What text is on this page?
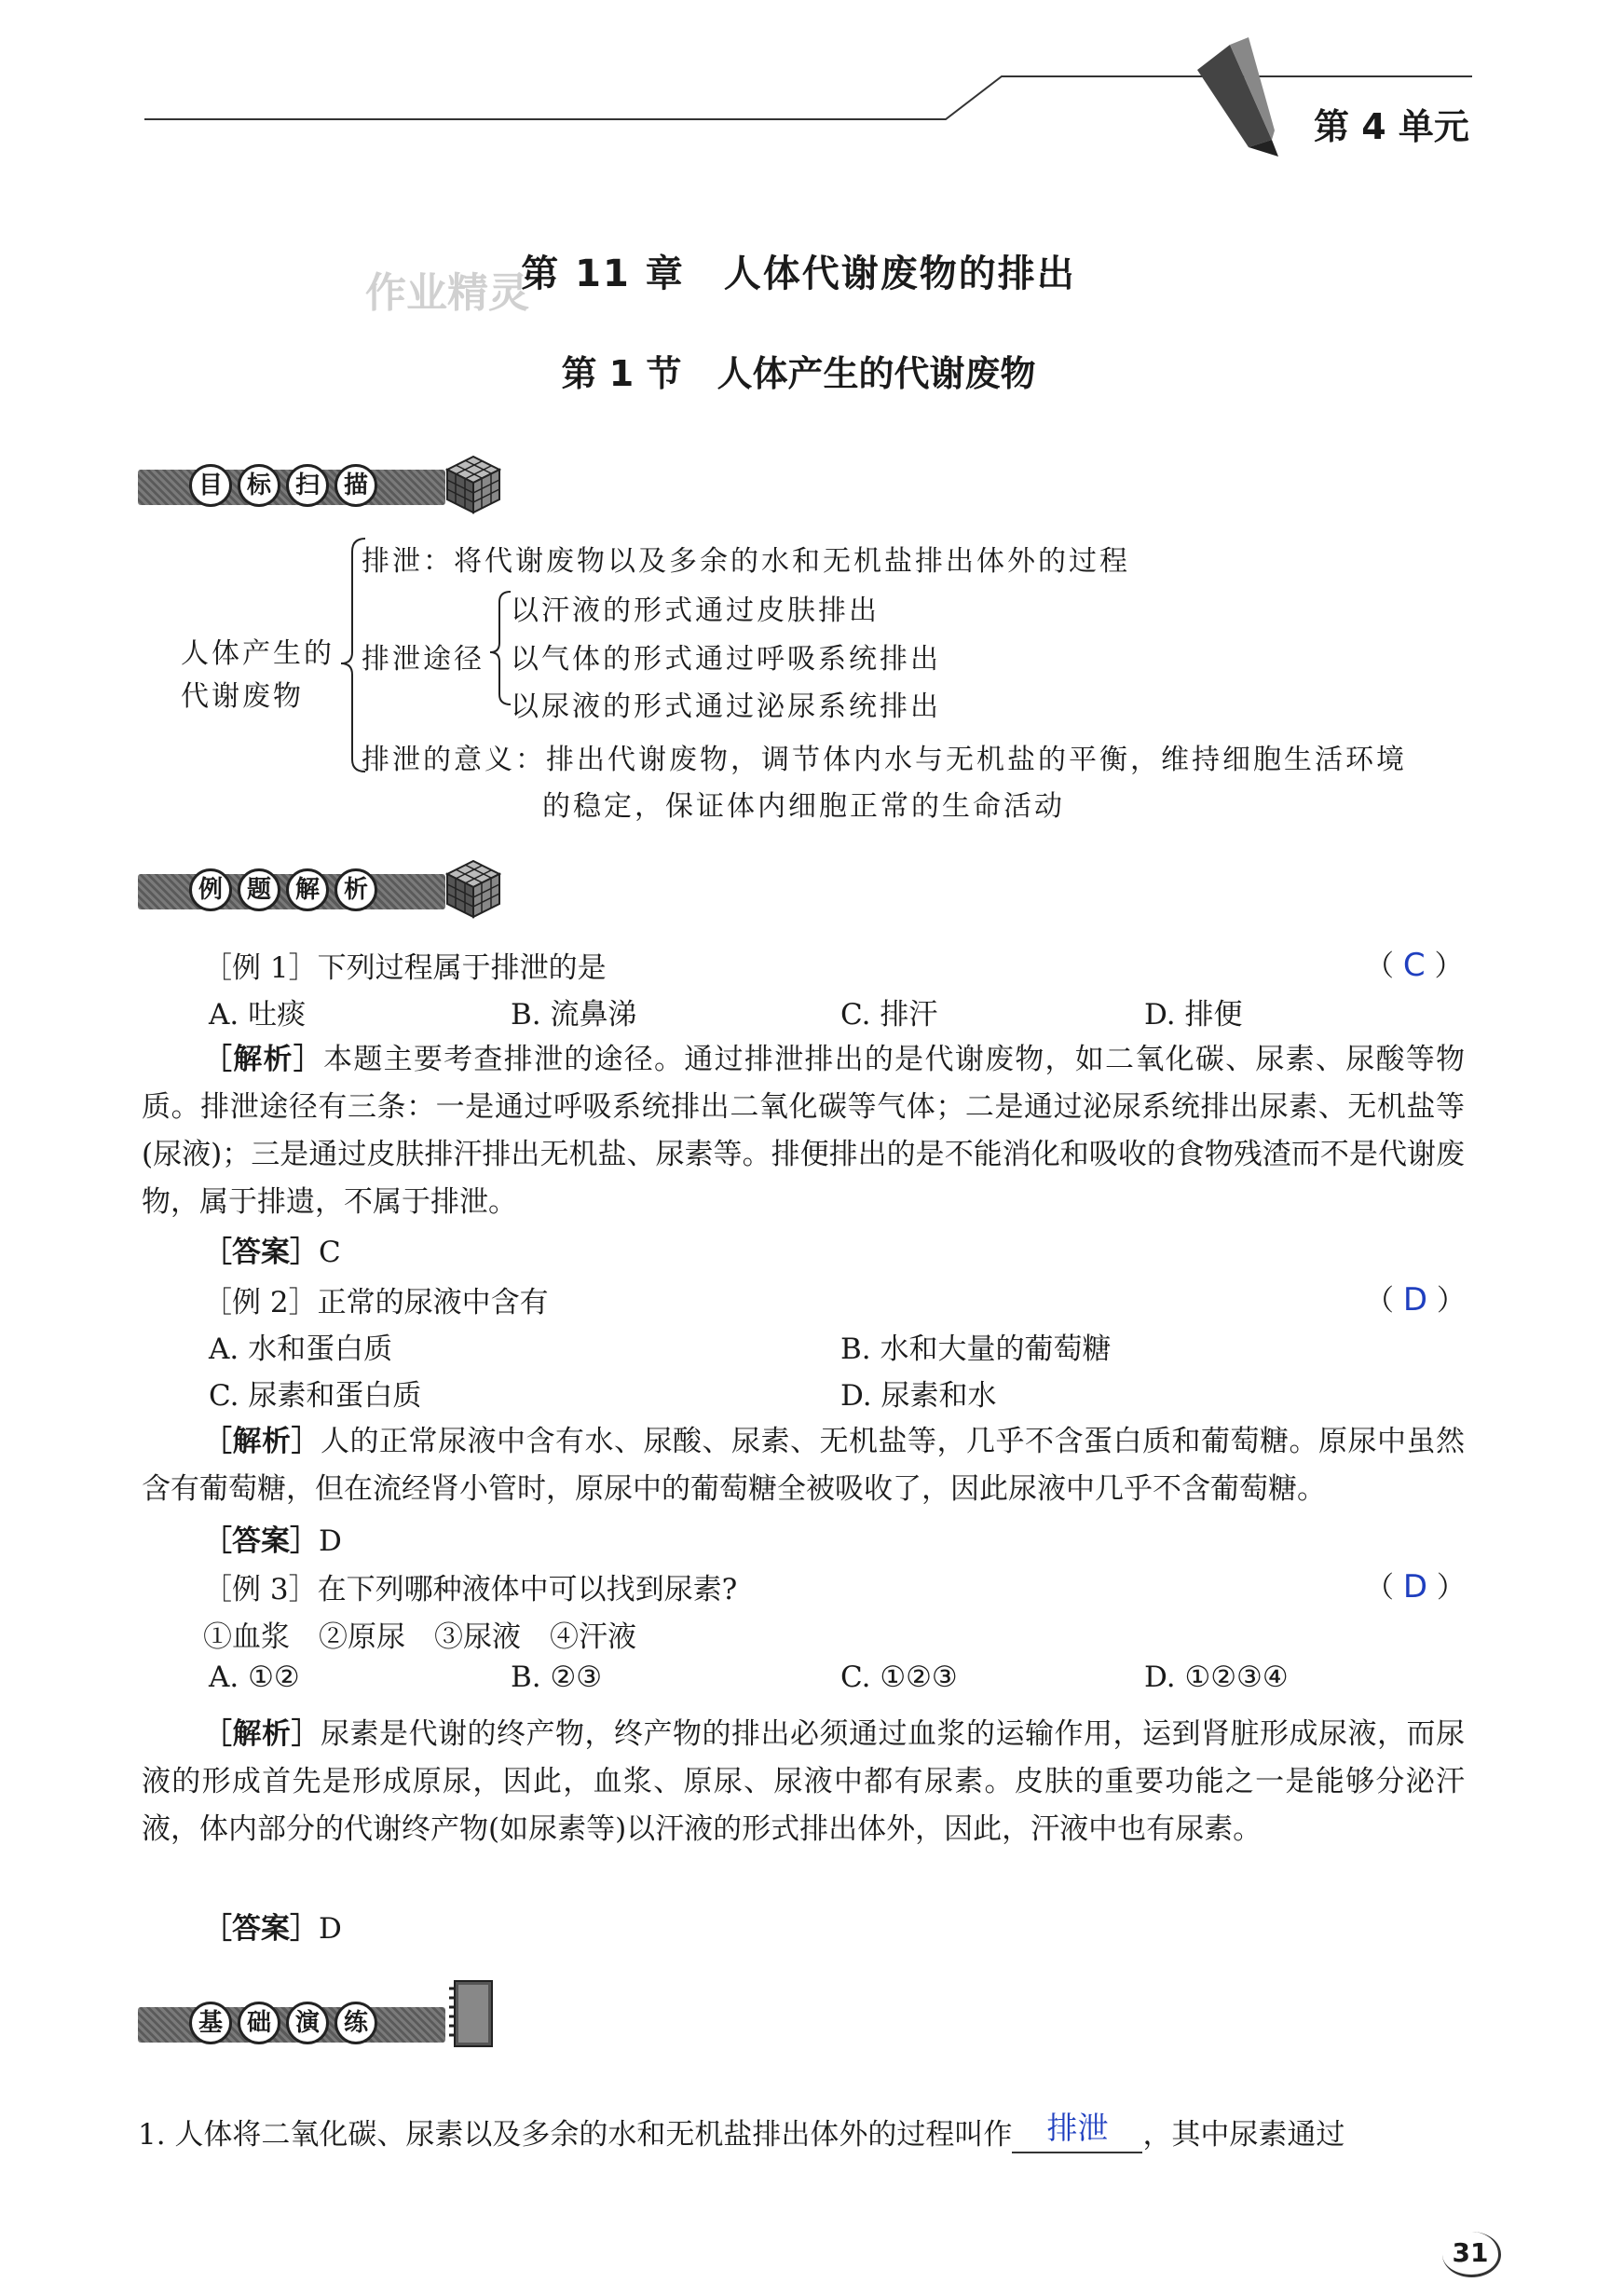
第 4 单元
作业精灵
第 11 章　人体代谢废物的排出
第 1 节　人体产生的代谢废物
目 标 扫 描
人体产生的
代谢废物
排泄：将代谢废物以及多余的水和无机盐排出体外的过程
排泄途径
以汗液的形式通过皮肤排出
以气体的形式通过呼吸系统排出
以尿液的形式通过泌尿系统排出
排泄的意义：排出代谢废物，调节体内水与无机盐的平衡，维持细胞生活环境
的稳定，保证体内细胞正常的生命活动
例 题 解 析
［例 1］下列过程属于排泄的是	（ C ）
A. 吐痰	B. 流鼻涕	C. 排汗	D. 排便
［解析］本题主要考查排泄的途径。通过排泄排出的是代谢废物，如二氧化碳、尿素、尿酸等物质。排泄途径有三条：一是通过呼吸系统排出二氧化碳等气体；二是通过泌尿系统排出尿素、无机盐等(尿液)；三是通过皮肤排汗排出无机盐、尿素等。排便排出的是不能消化和吸收的食物残渣而不是代谢废物，属于排遗，不属于排泄。
［答案］C
［例 2］正常的尿液中含有	（ D ）
A. 水和蛋白质	B. 水和大量的葡萄糖
C. 尿素和蛋白质	D. 尿素和水
［解析］人的正常尿液中含有水、尿酸、尿素、无机盐等，几乎不含蛋白质和葡萄糖。原尿中虽然含有葡萄糖，但在流经肾小管时，原尿中的葡萄糖全被吸收了，因此尿液中几乎不含葡萄糖。
［答案］D
［例 3］在下列哪种液体中可以找到尿素?	（ D ）
①血浆　②原尿　③尿液　④汗液
A. ①②	B. ②③	C. ①②③	D. ①②③④
［解析］尿素是代谢的终产物，终产物的排出必须通过血浆的运输作用，运到肾脏形成尿液，而尿液的形成首先是形成原尿，因此，血浆、原尿、尿液中都有尿素。皮肤的重要功能之一是能够分泌汗液，体内部分的代谢终产物(如尿素等)以汗液的形式排出体外，因此，汗液中也有尿素。
［答案］D
基 础 演 练
1. 人体将二氧化碳、尿素以及多余的水和无机盐排出体外的过程叫作	排泄	，其中尿素通过
31
